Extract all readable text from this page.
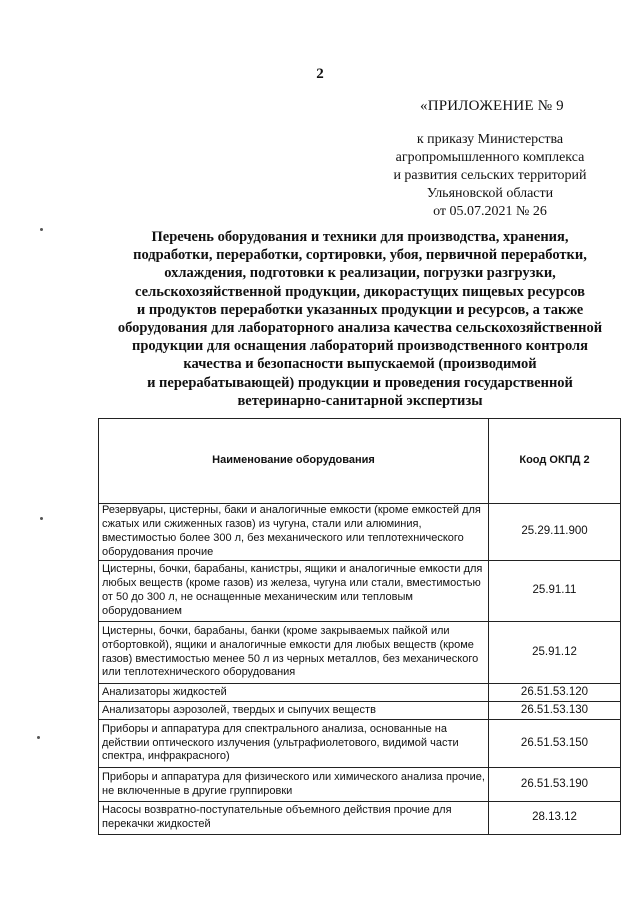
2
«ПРИЛОЖЕНИЕ № 9
к приказу Министерства
агропромышленного комплекса
и развития сельских территорий
Ульяновской области
от 05.07.2021 № 26
Перечень оборудования и техники для производства, хранения,
подработки, переработки, сортировки, убоя, первичной переработки,
охлаждения, подготовки к реализации, погрузки разгрузки,
сельскохозяйственной продукции, дикорастущих пищевых ресурсов
и продуктов переработки указанных продукции и ресурсов, а также
оборудования для лабораторного анализа качества сельскохозяйственной
продукции для оснащения лабораторий производственного контроля
качества и безопасности выпускаемой (производимой
и перерабатывающей) продукции и проведения государственной
ветеринарно-санитарной экспертизы
Наименование оборудования	Коод ОКПД 2
Резервуары, цистерны, баки и аналогичные емкости (кроме емкостей для сжатых или сжиженных газов) из чугуна, стали или алюминия, вместимостью более 300 л, без механического или теплотехнического оборудования прочие	25.29.11.900
Цистерны, бочки, барабаны, канистры, ящики и аналогичные емкости для любых веществ (кроме газов) из железа, чугуна или стали, вместимостью от 50 до 300 л, не оснащенные механическим или тепловым оборудованием	25.91.11
Цистерны, бочки, барабаны, банки (кроме закрываемых пайкой или отбортовкой), ящики и аналогичные емкости для любых веществ (кроме газов) вместимостью менее 50 л из черных металлов, без механического или теплотехнического оборудования	25.91.12
Анализаторы жидкостей	26.51.53.120
Анализаторы аэрозолей, твердых и сыпучих веществ	26.51.53.130
Приборы и аппаратура для спектрального анализа, основанные на действии оптического излучения (ультрафиолетового, видимой части спектра, инфракрасного)	26.51.53.150
Приборы и аппаратура для физического или химического анализа прочие, не включенные в другие группировки	26.51.53.190
Насосы возвратно-поступательные объемного действия прочие для перекачки жидкостей	28.13.12
